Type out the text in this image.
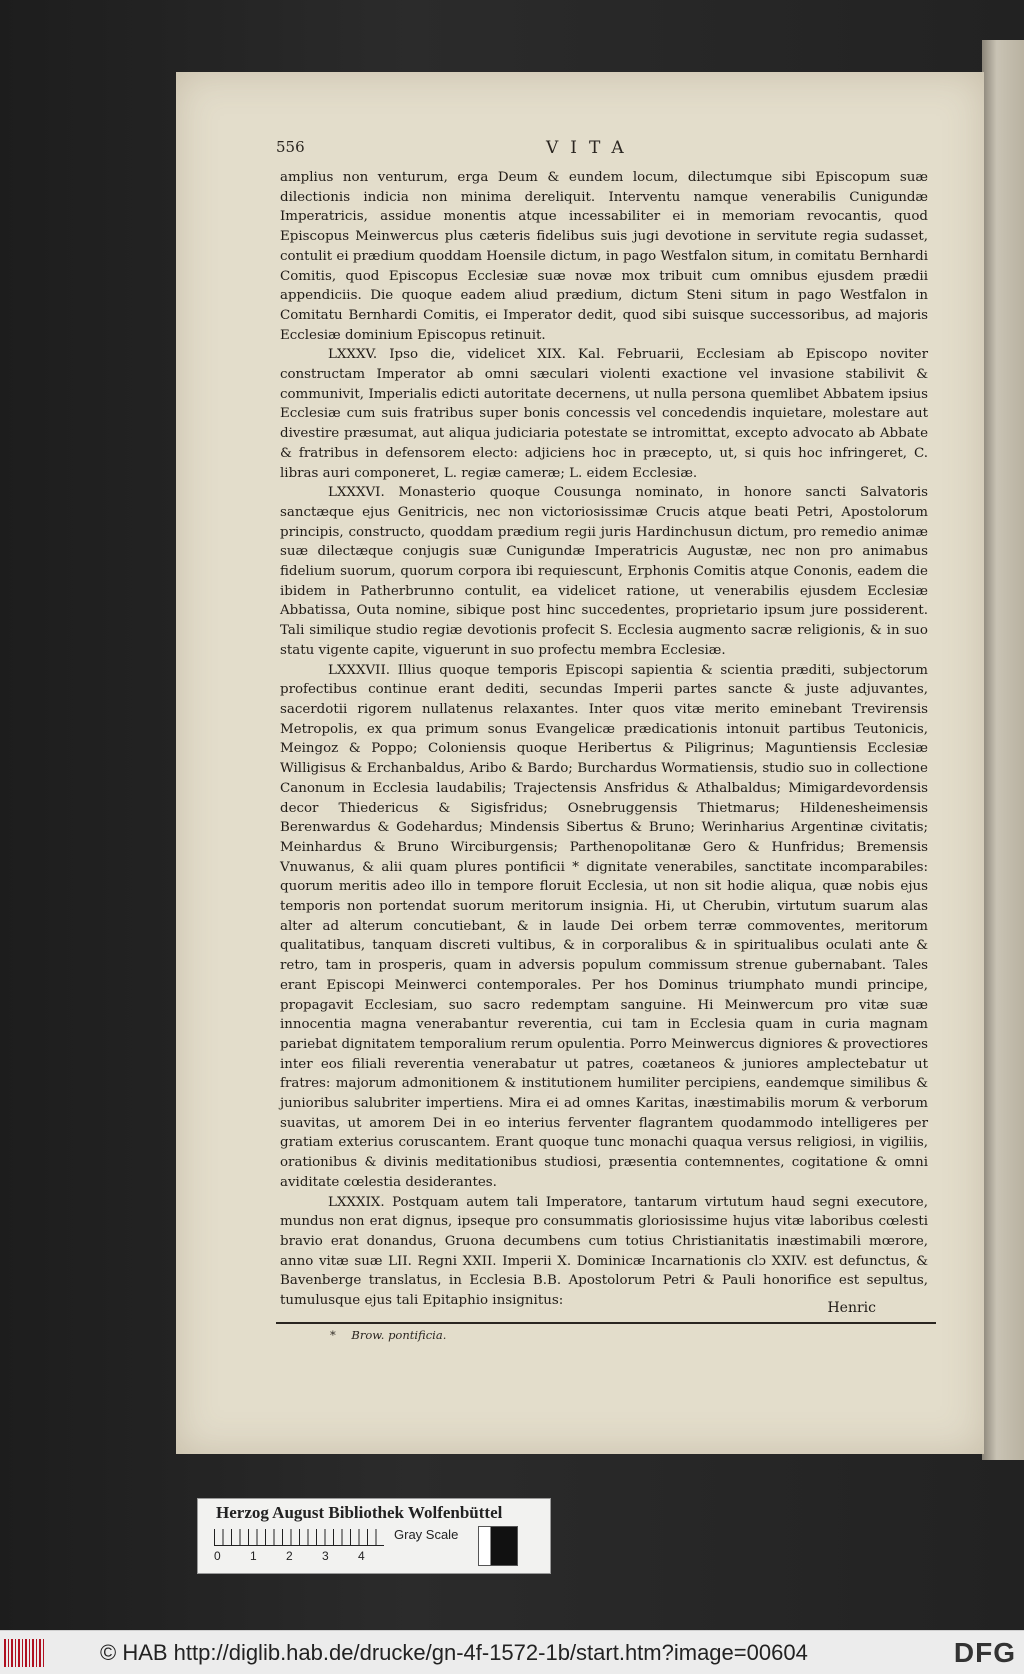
556	VITA

amplius non venturum, erga Deum & eundem locum, dilectumque sibi Episcopum suæ dilectionis indicia non minima dereliquit. Interventu namque venerabilis Cunigundæ Imperatricis, assidue monentis atque incessabiliter ei in memoriam revocantis, quod Episcopus Meinwercus plus cæteris fidelibus suis jugi devotione in servitute regia sudasset, contulit ei prædium quoddam Hoensile dictum, in pago Westfalon situm, in comitatu Bernhardi Comitis, quod Episcopus Ecclesiæ suæ novæ mox tribuit cum omnibus ejusdem prædii appendiciis. Die quoque eadem aliud prædium, dictum Steni situm in pago Westfalon in Comitatu Bernhardi Comitis, ei Imperator dedit, quod sibi suisque successoribus, ad majoris Ecclesiæ dominium Episcopus retinuit.

LXXXV. Ipso die, videlicet XIX. Kal. Februarii, Ecclesiam ab Episcopo noviter constructam Imperator ab omni sæculari violenti exactione vel invasione stabilivit & communivit, Imperialis edicti autoritate decernens, ut nulla persona quemlibet Abbatem ipsius Ecclesiæ cum suis fratribus super bonis concessis vel concedendis inquietare, molestare aut divestire præsumat, aut aliqua judiciaria potestate se intromittat, excepto advocato ab Abbate & fratribus in defensorem electo: adjiciens hoc in præcepto, ut, si quis hoc infringeret, C. libras auri componeret, L. regiæ cameræ; L. eidem Ecclesiæ.

LXXXVI. Monasterio quoque Cousunga nominato, in honore sancti Salvatoris sanctæque ejus Genitricis, nec non victoriosissimæ Crucis atque beati Petri, Apostolorum principis, constructo, quoddam prædium regii juris Hardinchusun dictum, pro remedio animæ suæ dilectæque conjugis suæ Cunigundæ Imperatricis Augustæ, nec non pro animabus fidelium suorum, quorum corpora ibi requiescunt, Erphonis Comitis atque Cononis, eadem die ibidem in Patherbrunno contulit, ea videlicet ratione, ut venerabilis ejusdem Ecclesiæ Abbatissa, Outa nomine, sibique post hinc succedentes, proprietario ipsum jure possiderent. Tali similique studio regiæ devotionis profecit S. Ecclesia augmento sacræ religionis, & in suo statu vigente capite, viguerunt in suo profectu membra Ecclesiæ.

LXXXVII. Illius quoque temporis Episcopi sapientia & scientia præditi, subjectorum profectibus continue erant dediti, secundas Imperii partes sancte & juste adjuvantes, sacerdotii rigorem nullatenus relaxantes. Inter quos vitæ merito eminebant Trevirensis Metropolis, ex qua primum sonus Evangelicæ prædicationis intonuit partibus Teutonicis, Meingoz & Poppo; Coloniensis quoque Heribertus & Piligrinus; Maguntiensis Ecclesiæ Willigisus & Erchanbaldus, Aribo & Bardo; Burchardus Wormatiensis, studio suo in collectione Canonum in Ecclesia laudabilis; Trajectensis Ansfridus & Athalbaldus; Mimigardevordensis decor Thiedericus & Sigisfridus; Osnebruggensis Thietmarus; Hildenesheimensis Berenwardus & Godehardus; Mindensis Sibertus & Bruno; Werinharius Argentinæ civitatis; Meinhardus & Bruno Wirciburgensis; Parthenopolitanæ Gero & Hunfridus; Bremensis Vnuwanus, & alii quam plures pontificii * dignitate venerabiles, sanctitate incomparabiles: quorum meritis adeo illo in tempore floruit Ecclesia, ut non sit hodie aliqua, quæ nobis ejus temporis non portendat suorum meritorum insignia. Hi, ut Cherubin, virtutum suarum alas alter ad alterum concutiebant, & in laude Dei orbem terræ commoventes, meritorum qualitatibus, tanquam discreti vultibus, & in corporalibus & in spiritualibus oculati ante & retro, tam in prosperis, quam in adversis populum commissum strenue gubernabant. Tales erant Episcopi Meinwerci contemporales. Per hos Dominus triumphato mundi principe, propagavit Ecclesiam, suo sacro redemptam sanguine. Hi Meinwercum pro vitæ suæ innocentia magna venerabantur reverentia, cui tam in Ecclesia quam in curia magnam pariebat dignitatem temporalium rerum opulentia. Porro Meinwercus digniores & provectiores inter eos filiali reverentia venerabatur ut patres, coætaneos & juniores amplectebatur ut fratres: majorum admonitionem & institutionem humiliter percipiens, eandemque similibus & junioribus salubriter impertiens. Mira ei ad omnes Karitas, inæstimabilis morum & verborum suavitas, ut amorem Dei in eo interius ferventer flagrantem quodammodo intelligeres per gratiam exterius coruscantem. Erant quoque tunc monachi quaqua versus religiosi, in vigiliis, orationibus & divinis meditationibus studiosi, præsentia contemnentes, cogitatione & omni aviditate cœlestia desiderantes.

LXXXIX. Postquam autem tali Imperatore, tantarum virtutum haud segni executore, mundus non erat dignus, ipseque pro consummatis gloriosissime hujus vitæ laboribus cœlesti bravio erat donandus, Gruona decumbens cum totius Christianitatis inæstimabili mœrore, anno vitæ suæ LII. Regni XXII. Imperii X. Dominicæ Incarnationis clɔ XXIV. est defunctus, & Bavenberge translatus, in Ecclesia B.B. Apostolorum Petri & Pauli honorifice est sepultus, tumulusque ejus tali Epitaphio insignitus:	Henric
* Brow. pontificia.
Herzog August Bibliothek Wolfenbüttel
0	1	2	3	4
Gray Scale
© HAB http://diglib.hab.de/drucke/gn-4f-1572-1b/start.htm?image=00604	DFG
